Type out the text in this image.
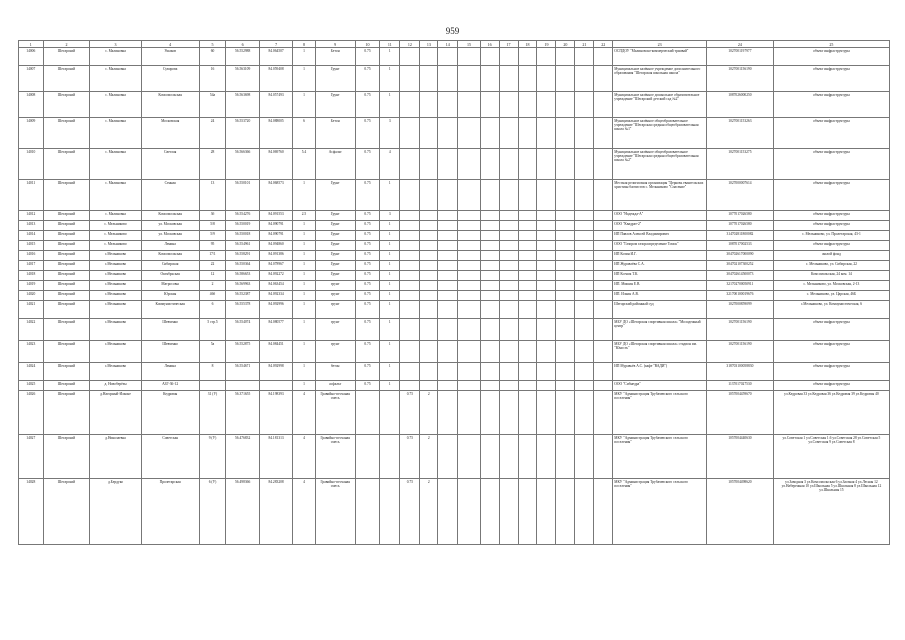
959
1	2	3	4	5	6	7	8	9	10	11	12	13	14	15	16	17	18	19	20	21	22	23	24	25
14006	Шегарский	с. Малиновка	Ушаков	60	56.552988	84.064507	1	Бетон	0.75	1												ОСПДОУ "Малиновско-коммерческий трамвай"	1027001197977	объект инфраструктуры
14007	Шегарский	с. Малиновка	Суворова	16	56.563109	84.059408	1	Грунт	0.75	1												Муниципальное казённое учреждение дополнительного образования "Шегарская школьная школа"	1027001156190	объект инфраструктуры
14008	Шегарский	с. Малиновка	Комсомольская	54а	56.563698	84.057493	1	Грунт	0.75	1												Муниципальное казённое дошкольное образовательное учреждение "Шегарский детский сад №2"	1087026000250	объект инфраструктуры
14009	Шегарский	с. Малиновка	Московская	24	56.553720	84.088005	6	Бетон	0.75	3												Муниципальное казённое общеобразовательное учреждение "Шегарская средняя общеобразовательная школа №1"	1027001153263	объект инфраструктуры
14010	Шегарский	с. Малиновка	Светлая	28	56.566366	84.069760	5.4	Асфальт	0.75	4												Муниципальное казённое общеобразовательное учреждение "Шегарская средняя общеобразовательная школа №2"	1027001153275	объект инфраструктуры
14011	Шегарский	с. Малиновка	Сенная	13	56.550101	84.068573	1	Грунт	0.75	1												Местная религиозная организация "Церковь евангельских христиан баптистов с. Мельниково "Спасение"	1027000007614	объект инфраструктуры
14012	Шегарский	с. Малиновка	Комсомольская	3б	56.554276	84.091553	2.5	Грунт	0.75	3												ООО "Надежда-А"	1077017026580	объект инфраструктуры
14013	Шегарский	с. Мельниково	ул. Московская	5/8	56.550019	84.090791	1	Грунт	0.75	1												ООО "Квадрат-2"	1077017026580	объект инфраструктуры
14014	Шегарский	с. Мельниково	ул. Московская	5/9	56.550018	84.090791	1	Грунт	0.75	1												ИП Павлов Алексей Владимирович	314702811800082	с. Мельниково, ул. Пролетарская, 43-1
14015	Шегарский	с. Мельниково	Ленина	95	56.554961	84.094860	1	Грунт	0.75	1												ООО "Газпром газораспределение Томск"	1087017002533	объект инфраструктуры
14016	Шегарский	с.Мельниково	Комсомольская	17/1	56.558291	84.091386	1	Грунт	0.75	1												ИП Козин И.Г.	304702617000090	жилой фонд
14017	Шегарский	с.Мельниково	Сибирская	22	56.550364	84.078967	1	Грунт	0.75	1												ИП Журавлёва С.А.	304702107300252	с. Мельниково, ул. Сибирская, 22
14018	Шегарский	с.Мельниково	Октябрьская	12	56.586653	84.092272	1	Грунт	0.75	1												ИП Ксенок Т.К.	304702614500073	Комсомольская, 24 ком. 14
14019	Шегарский	с.Мельниково	Матросовы	2	56.569963	84.063454	1	грунт	0.75	1												ИП. Мишин Е.В.	321702700050911	с. Мельниково, ул. Московская, 2-13
14020	Шегарский	с.Мельниково	Юрская	46б	56.552387	84.092334	1	грунт	0.75	1												ИП. Ильин А.В.	321700100019676	с. Мельниково, ул. Царская, 46Б
14021	Шегарский	с.Мельниково	Коммунистическая	6	56.555378	84.092996	1	грунт	0.75	1												Шегарский районный суд	1027000859099	с.Мельниково, ул. Коммунистическая, 6
14022	Шегарский	с.Мельниково	Шевченко	5 стр.5	56.554074	84.080577	1	грунт	0.75	1												МБУ ДО «Шегарская спортивная школа» "Молодежный центр"	1027001156190	объект инфраструктуры
14023	Шегарский	с.Мельниково	Шевченко	5а	56.552875	84.084451	1	грунт	0.75	1												МБУ ДО «Шегарская спортивная школа» стадион им. "Юность"	1027001156190	объект инфраструктуры
14024	Шегарский	с.Мельниково	Ленина	8	56.554671	84.092998	1	бетон	0.75	1												ИП Муравьёв А.С. (кафе "ВАДИ")	318703100058830	объект инфраструктуры
14025	Шегарский	д. Новоберёзы	АЗГ-36-12				1	асфальт	0.75	1												ООО "Сибнедра"	1137017027530	объект инфраструктуры
14026	Шегарский	д.Нагорный-Илконе	Кедровая	31 (У)	56.371655	84.198393	4	Гравийно-песчаная смесь			0.75	2										МКУ "Администрация Трубачевского сельского поселения"	1057004459670	ул.Кедровая 33 ул.Кедровая 36 ул.Кедровая 39 ул.Кедровая 40
14027	Шегарский	д.Николаевка	Советская	9 (У)	56.476832	84.181313	4	Гравийно-песчаная смесь			0.75	2										МКУ "Администрация Трубачевского сельского поселения"	1057004440630	ул.Советская 1 ул.Советская 1.6 ул.Советская 28 ул.Советская 5 ул.Советская 9 ул.Советская 8
14028	Шегарский	д.Бердуко	Пролетарская	6 (У)	56.498366	84.283208	4	Гравийно-песчаная смесь			0.75	2										МКУ "Администрация Трубачевского сельского поселения"	1057004498620	ул.Заводная 3 ул.Комсомольская 6 ул.Заозная 4 ул.Лесная 12 ул.Набережная 10 ул.Школьная 5 ул.Школьная 8 ул.Школьная 12 ул.Школьная 15
